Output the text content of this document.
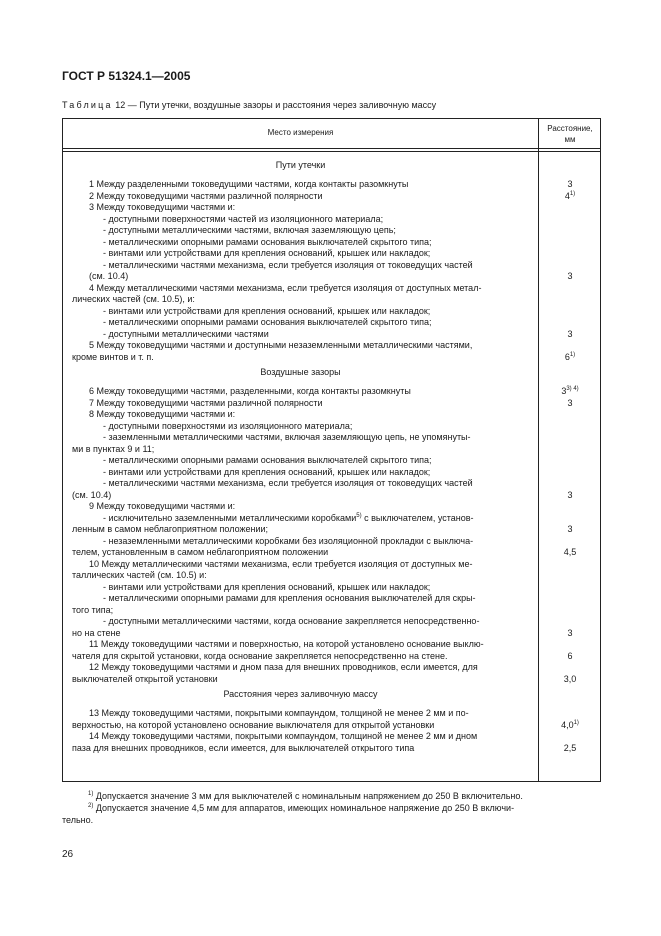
ГОСТ Р 51324.1—2005
Таблица 12 — Пути утечки, воздушные зазоры и расстояния через заливочную массу
Место измерения	Расстояние,
мм
Пути утечки
1 Между разделенными токоведущими частями, когда контакты разомкнуты	3
2 Между токоведущими частями различной полярности	4$^{1)}$
3 Между токоведущими частями и:
- доступными поверхностями частей из изоляционного материала;
- доступными металлическими частями, включая заземляющую цепь;
- металлическими опорными рамами основания выключателей скрытого типа;
- винтами или устройствами для крепления оснований, крышек или накладок;
- металлическими частями механизма, если требуется изоляция от токоведущих частей
(см. 10.4)	3
4 Между металлическими частями механизма, если требуется изоляция от доступных метал-
лических частей (см. 10.5), и:
- винтами или устройствами для крепления оснований, крышек или накладок;
- металлическими опорными рамами основания выключателей скрытого типа;
- доступными металлическими частями	3
5 Между токоведущими частями и доступными незаземленными металлическими частями,
кроме винтов и т. п.	6$^{1)}$
Воздушные зазоры
6 Между токоведущими частями, разделенными, когда контакты разомкнуты	$3^{3) 4)}$
7 Между токоведущими частями различной полярности	3
8 Между токоведущими частями и:
- доступными поверхностями из изоляционного материала;
- заземленными металлическими частями, включая заземляющую цепь, не упомянуты-
ми в пунктах 9 и 11;
- металлическими опорными рамами основания выключателей скрытого типа;
- винтами или устройствами для крепления оснований, крышек или накладок;
- металлическими частями механизма, если требуется изоляция от токоведущих частей
(см. 10.4)	3
9 Между токоведущими частями и:
- исключительно заземленными металлическими коробками$^{5)}$ с выключателем, установ-
ленным в самом неблагоприятном положении;	3
- незаземленными металлическими коробками без изоляционной прокладки с выключа-
телем, установленным в самом неблагоприятном положении	4,5
10 Между металлическими частями механизма, если требуется изоляция от доступных ме-
таллических частей (см. 10.5) и:
- винтами или устройствами для крепления оснований, крышек или накладок;
- металлическими опорными рамами для крепления основания выключателей для скры-
того типа;
- доступными металлическими частями, когда основание закрепляется непосредственно-
но на стене	3
11 Между токоведущими частями и поверхностью, на которой установлено основание выклю-
чателя для скрытой установки, когда основание закрепляется непосредственно на стене.	6
12 Между токоведущими частями и дном паза для внешних проводников, если имеется, для
выключателей открытой установки	3,0
Расстояния через заливочную массу
13 Между токоведущими частями, покрытыми компаундом, толщиной не менее 2 мм и по-
верхностью, на которой установлено основание выключателя для открытой установки	4,0$^{1)}$
14 Между токоведущими частями, покрытыми компаундом, толщиной не менее 2 мм и дном
паза для внешних проводников, если имеется, для выключателей открытого типа	2,5
$^{1)}$ Допускается значение 3 мм для выключателей с номинальным напряжением до 250 В включительно.
$^{2)}$ Допускается значение 4,5 мм для аппаратов, имеющих номинальное напряжение до 250 В включи-
тельно.
26
